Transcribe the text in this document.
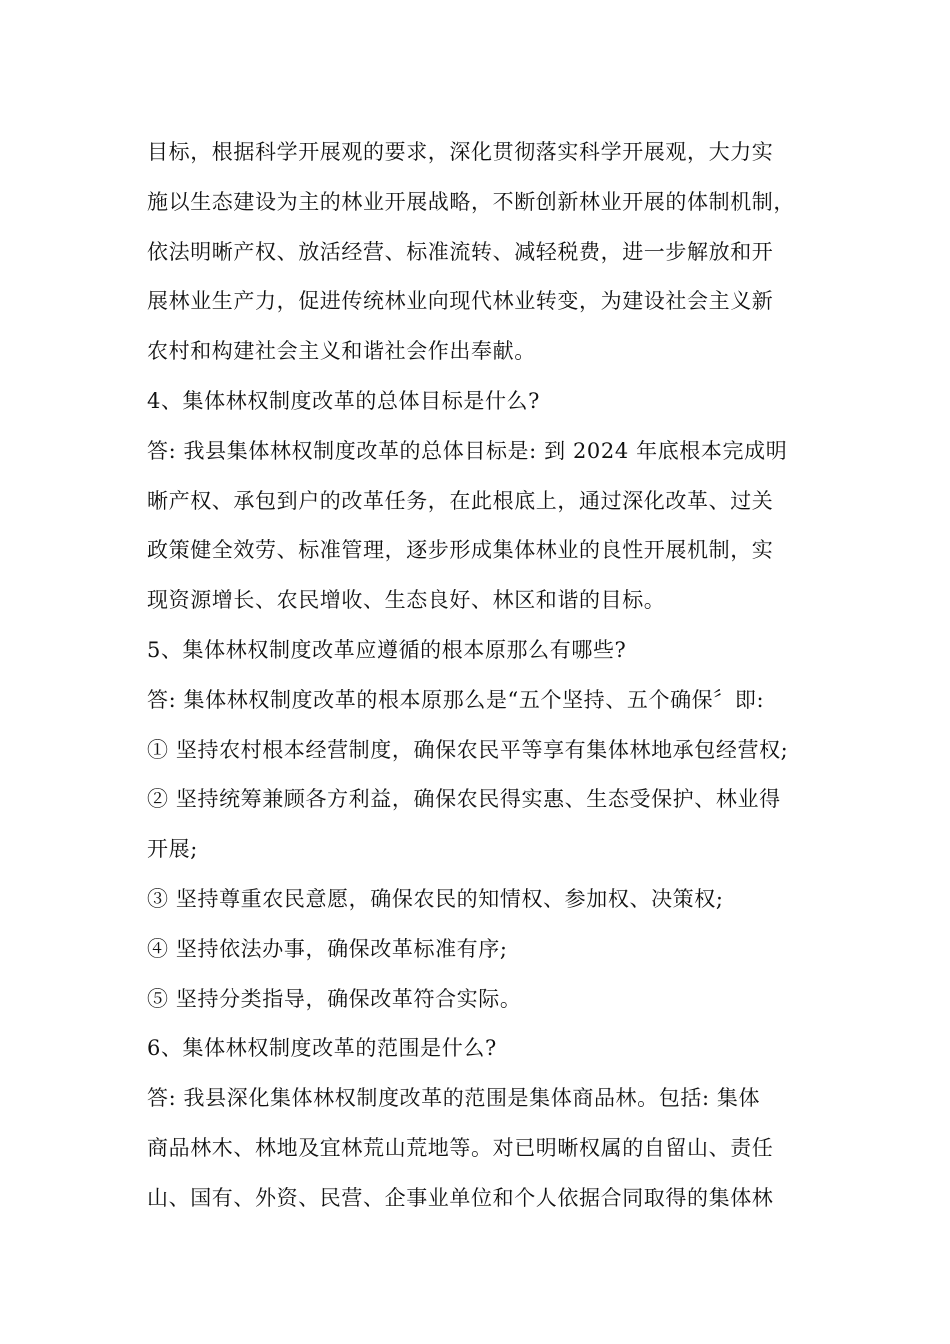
目标，根据科学开展观的要求，深化贯彻落实科学开展观，大力实
施以生态建设为主的林业开展战略，不断创新林业开展的体制机制，
依法明晰产权、放活经营、标准流转、减轻税费，进一步解放和开
展林业生产力，促进传统林业向现代林业转变，为建设社会主义新
农村和构建社会主义和谐社会作出奉献。
4、集体林权制度改革的总体目标是什么?
答: 我县集体林权制度改革的总体目标是: 到 2024 年底根本完成明
晰产权、承包到户的改革任务，在此根底上，通过深化改革、过关
政策健全效劳、标准管理，逐步形成集体林业的良性开展机制，实
现资源增长、农民增收、生态良好、林区和谐的目标。
5、集体林权制度改革应遵循的根本原那么有哪些?
答: 集体林权制度改革的根本原那么是“五个坚持、五个确保〞即:
① 坚持农村根本经营制度，确保农民平等享有集体林地承包经营权;
② 坚持统筹兼顾各方利益，确保农民得实惠、生态受保护、林业得
开展;
③ 坚持尊重农民意愿，确保农民的知情权、参加权、决策权;
④ 坚持依法办事，确保改革标准有序;
⑤ 坚持分类指导，确保改革符合实际。
6、集体林权制度改革的范围是什么?
答: 我县深化集体林权制度改革的范围是集体商品林。包括: 集体
商品林木、林地及宜林荒山荒地等。对已明晰权属的自留山、责任
山、国有、外资、民营、企事业单位和个人依据合同取得的集体林
